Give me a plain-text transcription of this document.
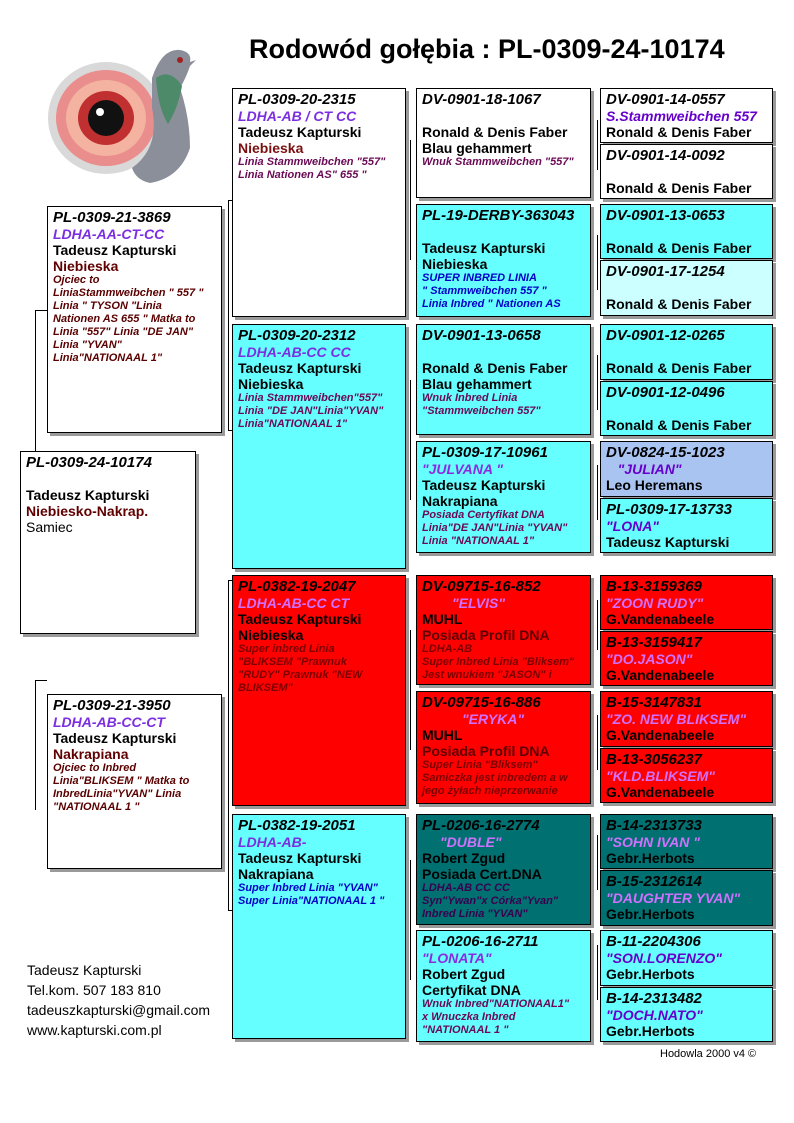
Rodowód gołębia : PL-0309-24-10174
PL-0309-24-10174
Tadeusz Kapturski
Niebiesko-Nakrap.
Samiec
PL-0309-21-3869
LDHA-AA-CT-CC
Tadeusz Kapturski
Niebieska
Ojciec to
LiniaStammweibchen " 557 "
Linia " TYSON "Linia
Nationen AS 655 " Matka to
Linia "557" Linia "DE JAN"
Linia "YVAN"
Linia"NATIONAAL 1"
PL-0309-21-3950
LDHA-AB-CC-CT
Tadeusz Kapturski
Nakrapiana
Ojciec to Inbred
Linia"BLIKSEM " Matka to
InbredLinia"YVAN" Linia
"NATIONAAL 1 "
PL-0309-20-2315
LDHA-AB / CT CC
Tadeusz Kapturski
Niebieska
Linia Stammweibchen "557"
Linia Nationen AS" 655 "
PL-0309-20-2312
LDHA-AB-CC CC
Tadeusz Kapturski
Niebieska
Linia Stammweibchen"557"
Linia "DE JAN"Linia"YVAN"
Linia"NATIONAAL 1"
PL-0382-19-2047
LDHA-AB-CC CT
Tadeusz Kapturski
Niebieska
Super inbred Linia
"BLIKSEM "Prawnuk
"RUDY" Prawnuk "NEW
BLIKSEM"
PL-0382-19-2051
LDHA-AB-
Tadeusz Kapturski
Nakrapiana
Super Inbred Linia "YVAN"
Super Linia"NATIONAAL 1 "
DV-0901-18-1067
Ronald & Denis Faber
Blau gehammert
Wnuk Stammweibchen "557"
PL-19-DERBY-363043
Tadeusz Kapturski
Niebieska
SUPER INBRED LINIA
" Stammweibchen 557 "
Linia Inbred " Nationen AS
DV-0901-13-0658
Ronald & Denis Faber
Blau gehammert
Wnuk Inbred Linia
"Stammweibchen 557"
PL-0309-17-10961
"JULVANA "
Tadeusz Kapturski
Nakrapiana
Posiada Certyfikat DNA
Linia"DE JAN"Linia "YVAN"
Linia "NATIONAAL 1"
DV-09715-16-852
"ELVIS"
MUHL
Posiada Profil DNA
LDHA-AB
Super Inbred Linia "Bliksem"
Jest wnukiem "JASON" i
DV-09715-16-886
"ERYKA"
MUHL
Posiada Profil DNA
Super Linia "Bliksem"
Samiczka jest inbredem a w
jego żyłach nieprzerwanie
PL-0206-16-2774
"DUBLE"
Robert Zgud
Posiada Cert.DNA
LDHA-AB CC CC
Syn"Ywan"x Córka"Yvan"
Inbred Linia "YVAN"
PL-0206-16-2711
"LONATA"
Robert Zgud
Certyfikat DNA
Wnuk Inbred"NATIONAAL1"
x Wnuczka Inbred
"NATIONAAL 1 "
DV-0901-14-0557
S.Stammweibchen 557
Ronald & Denis Faber
DV-0901-14-0092
Ronald & Denis Faber
DV-0901-13-0653
Ronald & Denis Faber
DV-0901-17-1254
Ronald & Denis Faber
DV-0901-12-0265
Ronald & Denis Faber
DV-0901-12-0496
Ronald & Denis Faber
DV-0824-15-1023
"JULIAN"
Leo Heremans
PL-0309-17-13733
"LONA"
Tadeusz Kapturski
B-13-3159369
"ZOON RUDY"
G.Vandenabeele
B-13-3159417
"DO.JASON"
G.Vandenabeele
B-15-3147831
"ZO. NEW BLIKSEM"
G.Vandenabeele
B-13-3056237
"KLD.BLIKSEM"
G.Vandenabeele
B-14-2313733
"SOHN IVAN "
Gebr.Herbots
B-15-2312614
"DAUGHTER YVAN"
Gebr.Herbots
B-11-2204306
"SON.LORENZO"
Gebr.Herbots
B-14-2313482
"DOCH.NATO"
Gebr.Herbots
Tadeusz Kapturski
Tel.kom. 507 183 810
tadeuszkapturski@gmail.com
www.kapturski.com.pl
Hodowla 2000 v4 ©
